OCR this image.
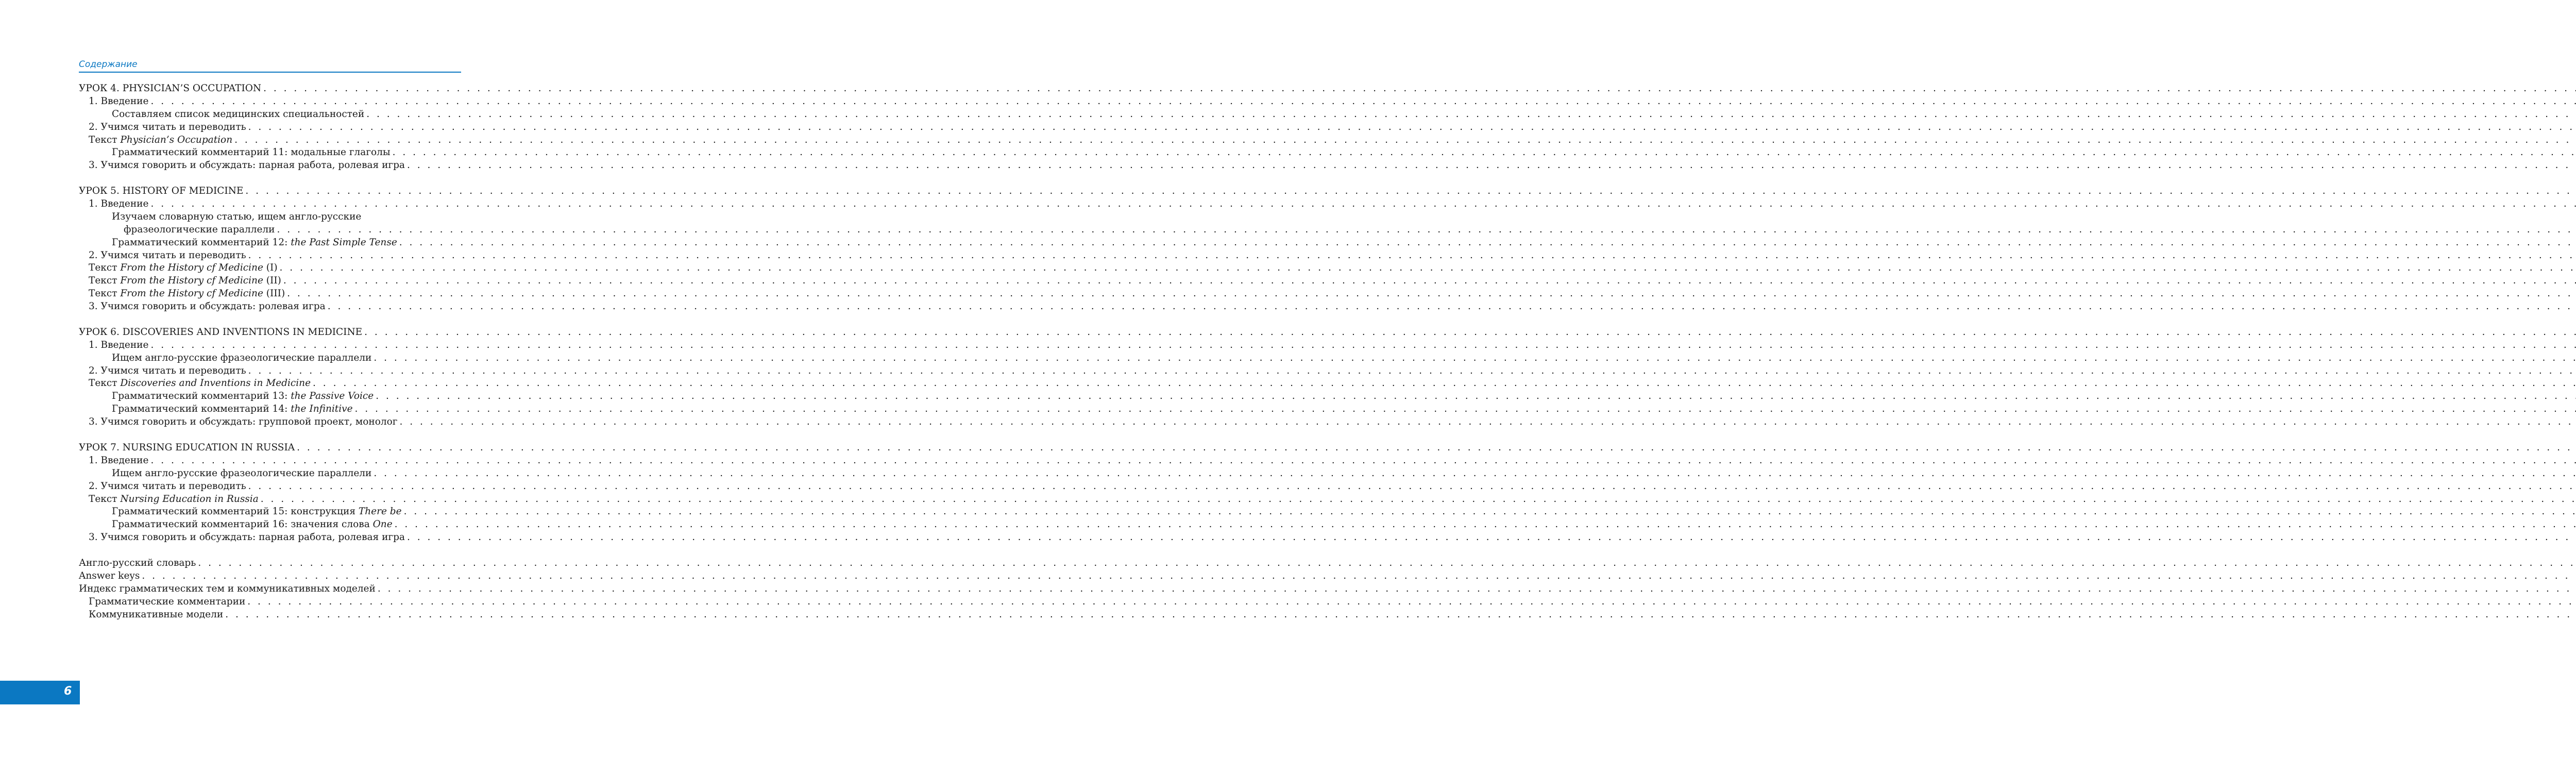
Содержание
УРОК 4. PHYSICIAN’S OCCUPATION
. . .
1. Введение
. . .
Составляем список медицинских специальностей
. . .
2. Учимся читать и переводить
. . .
Текст Physician’s Occupation
. . .
Грамматический комментарий 11: модальные глаголы
. . .
3. Учимся говорить и обсуждать: парная работа, ролевая игра
. . .
УРОК 5. HISTORY OF MEDICINE
. . .
1. Введение
. . .
Изучаем словарную статью, ищем англо-русские
фразеологические параллели
. . .
Грамматический комментарий 12: the Past Simple Tense
. . .
2. Учимся читать и переводить
. . .
Текст From the History сf Medicine (I)
. . .
Текст From the History сf Medicine (II)
. . .
Текст From the History сf Medicine (III)
. . .
3. Учимся говорить и обсуждать: ролевая игра
. . .
УРОК 6. DISCOVERIES AND INVENTIONS IN MEDICINE
. . .
1. Введение
. . .
Ищем англо-русские фразеологические параллели
. . .
2. Учимся читать и переводить
. . .
Текст Discoveries and Inventions in Medicine
. . .
Грамматический комментарий 13: the Passive Voice
. . .
Грамматический комментарий 14: the Infinitive
. . .
3. Учимся говорить и обсуждать: групповой проект, монолог
. . .
УРОК 7. NURSING EDUCATION IN RUSSIA
. . .
1. Введение
. . .
Ищем англо-русские фразеологические параллели
. . .
2. Учимся читать и переводить
. . .
Текст Nursing Education in Russia
. . .
Грамматический комментарий 15: конструкция There be
. . .
Грамматический комментарий 16: значения слова One
. . .
3. Учимся говорить и обсуждать: парная работа, ролевая игра
. . .
Англо-русский словарь
. . .
Answer keys
. . .
Индекс грамматических тем и коммуникативных моделей
. . .
Грамматические комментарии
. . .
Коммуникативные модели
. . .
6
